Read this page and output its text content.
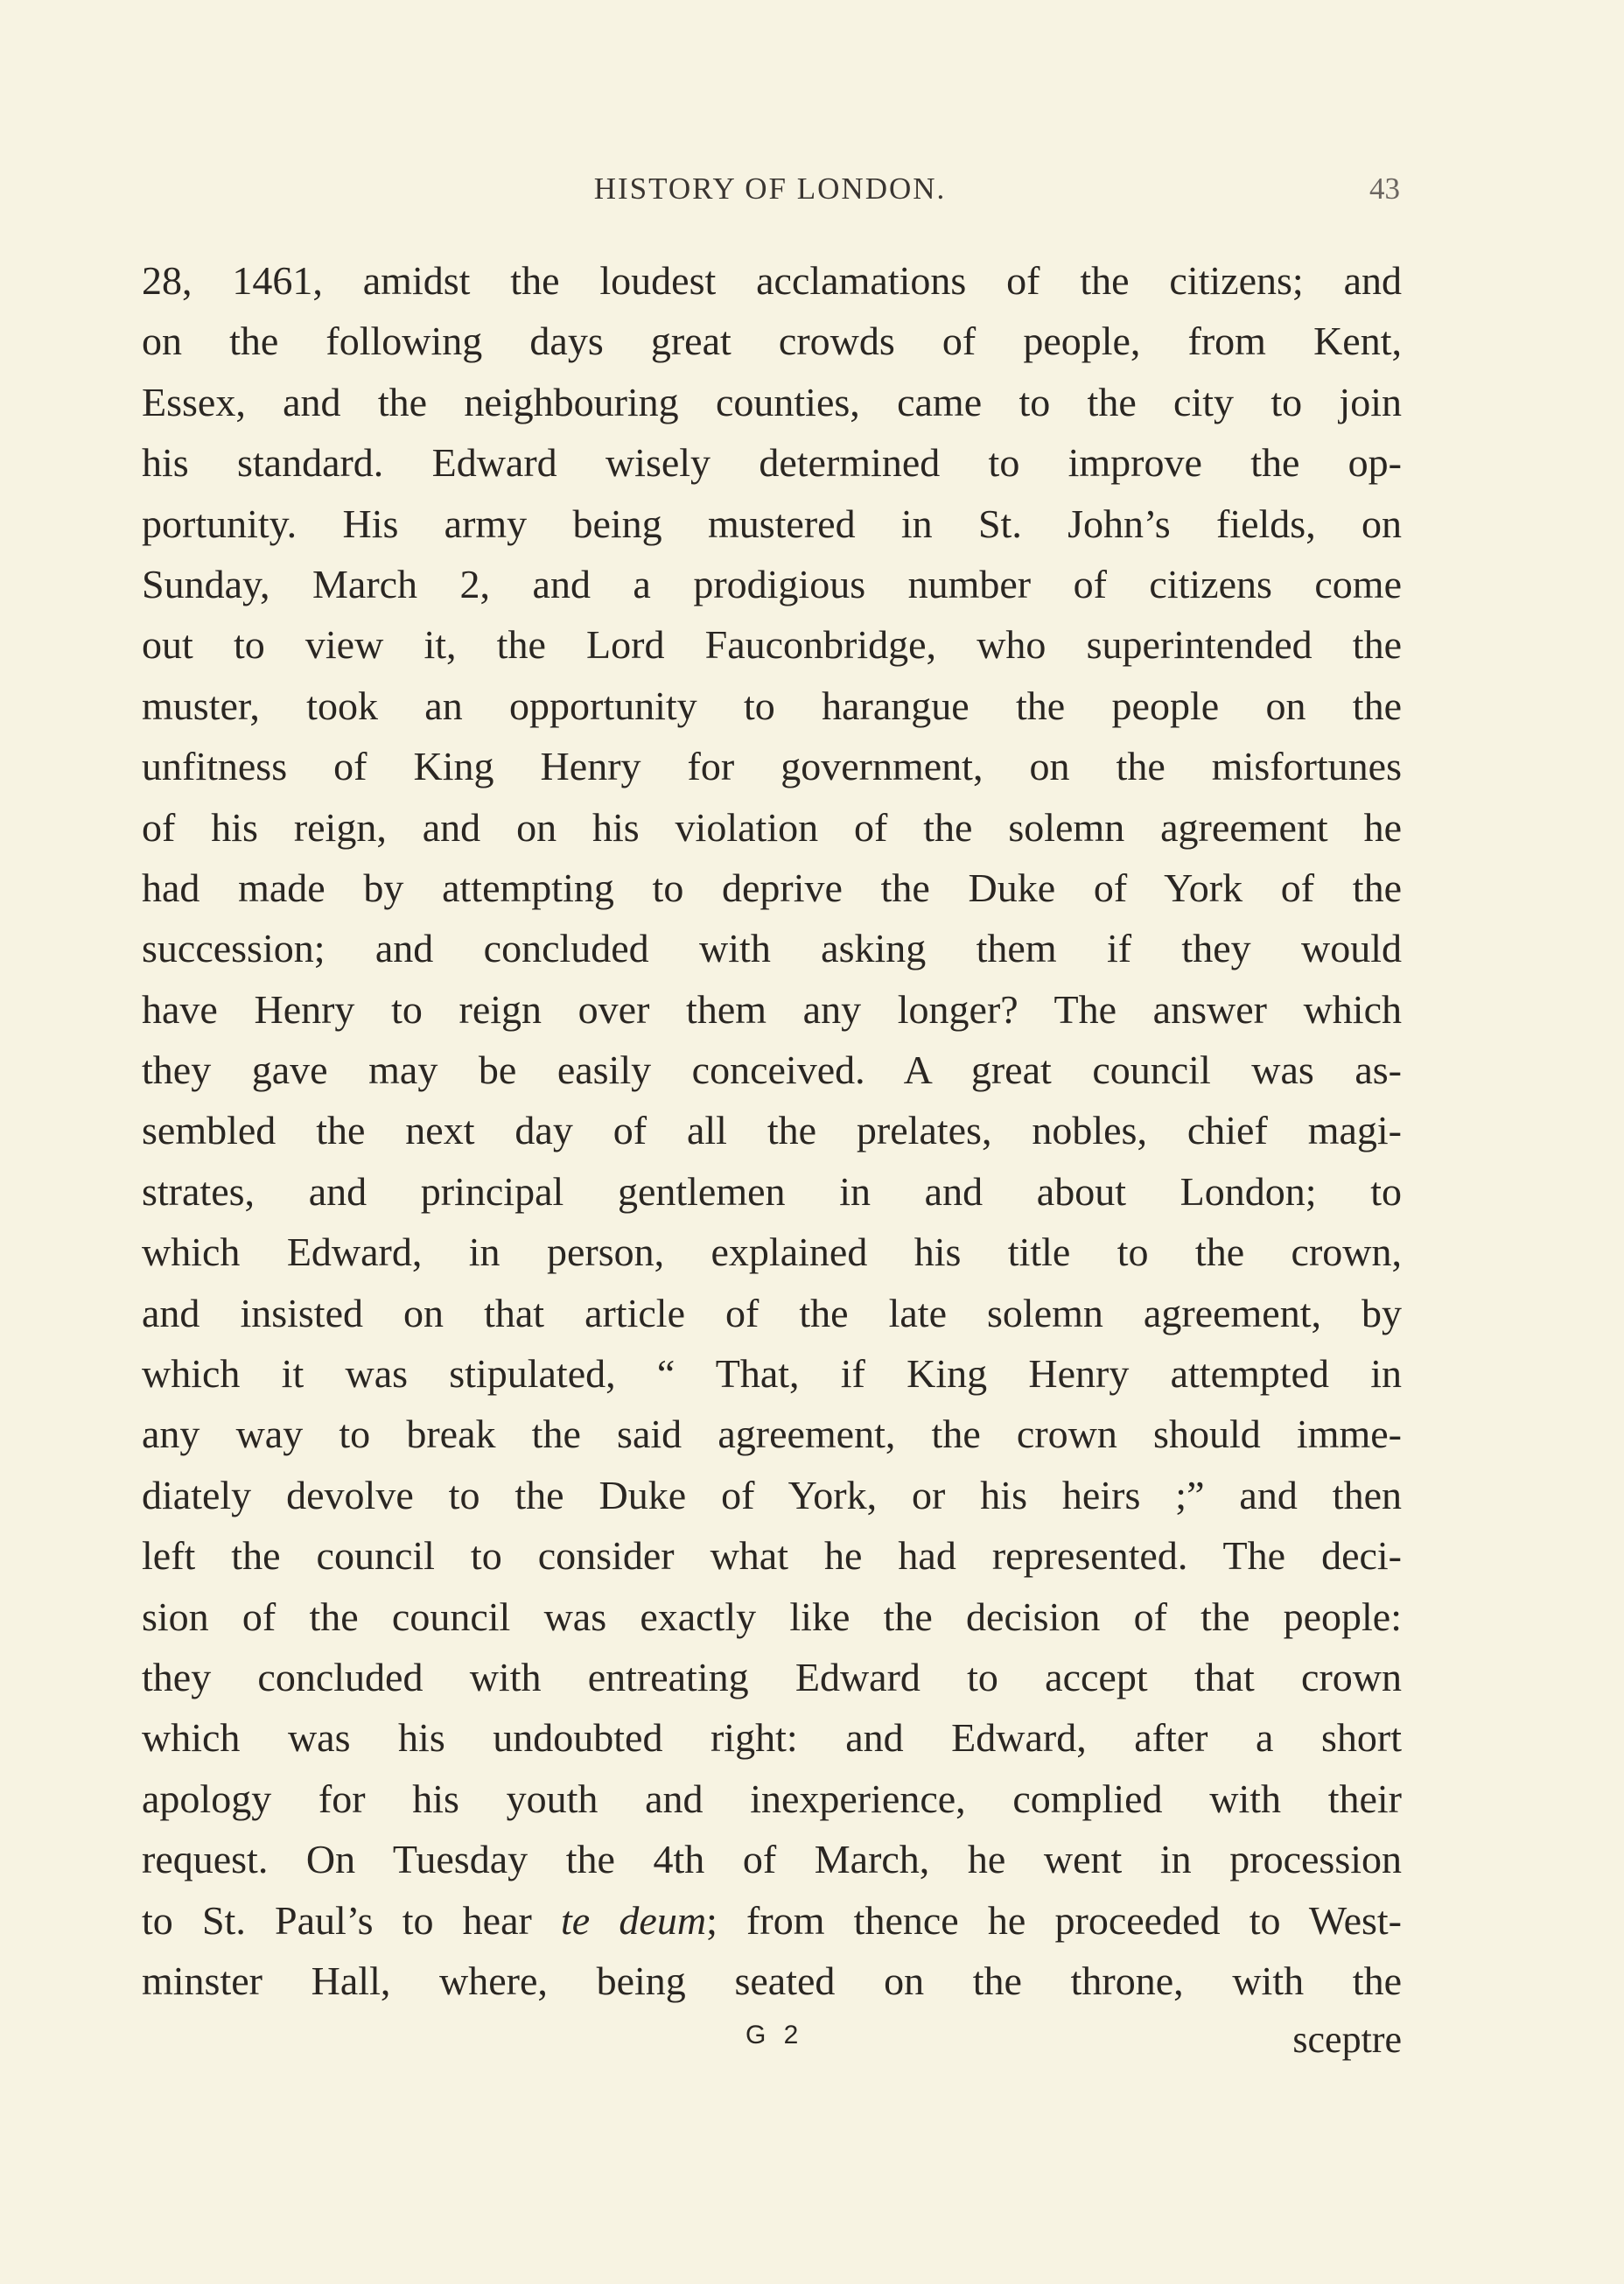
HISTORY OF LONDON.	43
28, 1461, amidst the loudest acclamations of the citizens; and
on the following days great crowds of people, from Kent,
Essex, and the neighbouring counties, came to the city to join
his standard. Edward wisely determined to improve the op-
portunity. His army being mustered in St. John’s fields, on
Sunday, March 2, and a prodigious number of citizens come
out to view it, the Lord Fauconbridge, who superintended the
muster, took an opportunity to harangue the people on the
unfitness of King Henry for government, on the misfortunes
of his reign, and on his violation of the solemn agreement he
had made by attempting to deprive the Duke of York of the
succession; and concluded with asking them if they would
have Henry to reign over them any longer? The answer which
they gave may be easily conceived. A great council was as-
sembled the next day of all the prelates, nobles, chief magi-
strates, and principal gentlemen in and about London; to
which Edward, in person, explained his title to the crown,
and insisted on that article of the late solemn agreement, by
which it was stipulated, “ That, if King Henry attempted in
any way to break the said agreement, the crown should imme-
diately devolve to the Duke of York, or his heirs ;” and then
left the council to consider what he had represented. The deci-
sion of the council was exactly like the decision of the people:
they concluded with entreating Edward to accept that crown
which was his undoubted right: and Edward, after a short
apology for his youth and inexperience, complied with their
request. On Tuesday the 4th of March, he went in procession
to St. Paul’s to hear te deum; from thence he proceeded to West-
minster Hall, where, being seated on the throne, with the
G 2	sceptre
